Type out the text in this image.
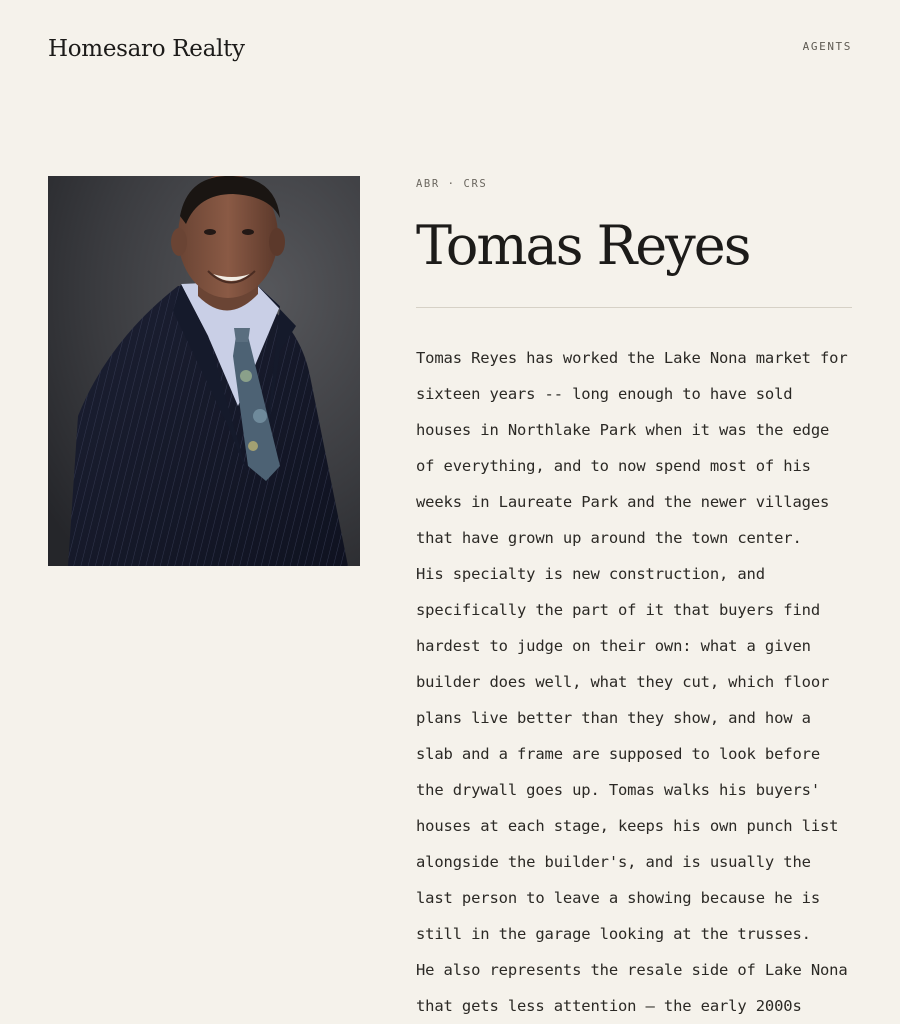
Homesaro Realty	AGENTS
ABR · CRS
Tomas Reyes

Tomas Reyes has worked the Lake Nona market for sixteen years -- long enough to have sold houses in Northlake Park when it was the edge of everything, and to now spend most of his weeks in Laureate Park and the newer villages that have grown up around the town center.

His specialty is new construction, and specifically the part of it that buyers find hardest to judge on their own: what a given builder does well, what they cut, which floor plans live better than they show, and how a slab and a frame are supposed to look before the drywall goes up. Tomas walks his buyers' houses at each stage, keeps his own punch list alongside the builder's, and is usually the last person to leave a showing because he is still in the garage looking at the trusses.

He also represents the resale side of Lake Nona that gets less attention — the early 2000s
